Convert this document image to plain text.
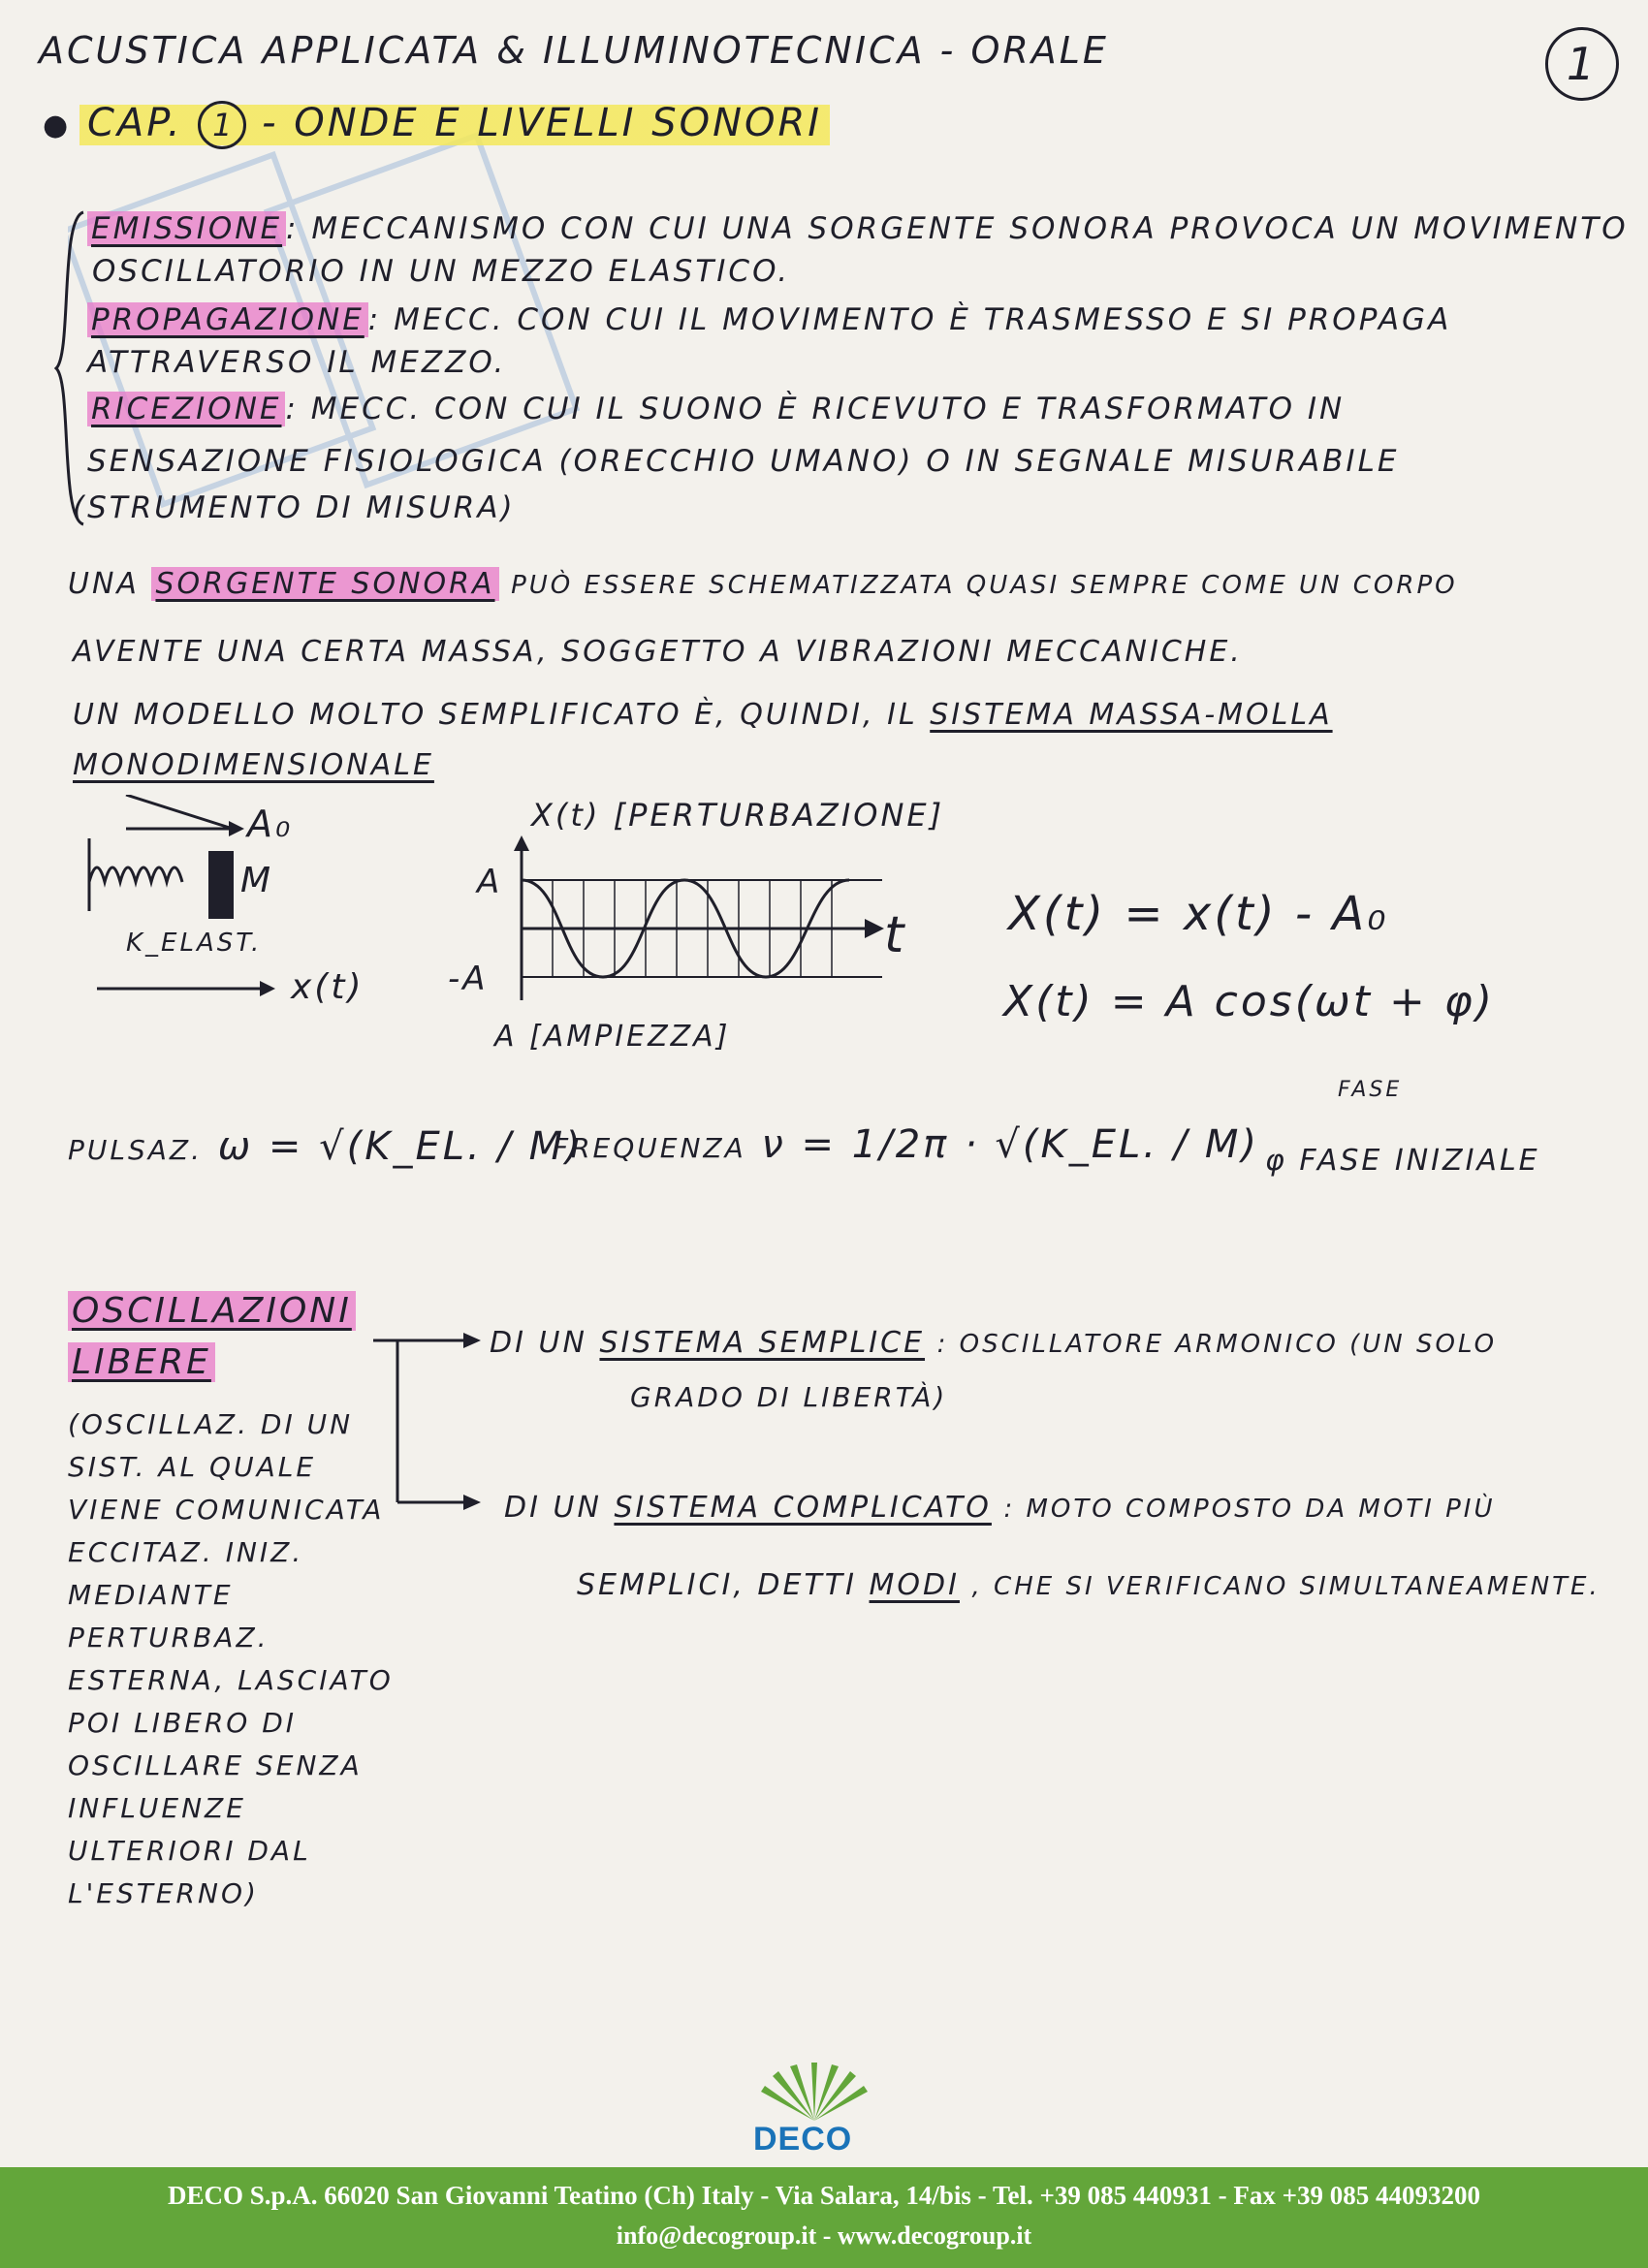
ACUSTICA APPLICATA & ILLUMINOTECNICA - ORALE	1
● CAP. 1 - ONDE E LIVELLI SONORI
EMISSIONE : MECCANISMO CON CUI UNA SORGENTE SONORA PROVOCA UN MOVIMENTO
OSCILLATORIO IN UN MEZZO ELASTICO.
PROPAGAZIONE : MECC. CON CUI IL MOVIMENTO È TRASMESSO E SI PROPAGA
ATTRAVERSO IL MEZZO.
RICEZIONE : MECC. CON CUI IL SUONO È RICEVUTO E TRASFORMATO IN
SENSAZIONE FISIOLOGICA (ORECCHIO UMANO) O IN SEGNALE MISURABILE
(STRUMENTO DI MISURA)
UNA SORGENTE SONORA PUÒ ESSERE SCHEMATIZZATA QUASI SEMPRE COME UN CORPO
AVENTE UNA CERTA MASSA, SOGGETTO A VIBRAZIONI MECCANICHE.
UN MODELLO MOLTO SEMPLIFICATO È, QUINDI, IL SISTEMA MASSA-MOLLA
MONODIMENSIONALE
A₀
M
K_ELAST.
x(t)
X(t) [PERTURBAZIONE]
A
-A
t
A [AMPIEZZA]
X(t) = x(t) - A₀
X(t) = A cos(ωt + φ)
FASE
PULSAZ. ω = √(K_EL. / M)
FREQUENZA ν = 1/2π · √(K_EL. / M) φ FASE INIZIALE
OSCILLAZIONI
LIBERE
(OSCILLAZ. DI UN
SIST. AL QUALE
VIENE COMUNICATA
ECCITAZ. INIZ.
MEDIANTE
PERTURBAZ.
ESTERNA, LASCIATO
POI LIBERO DI
OSCILLARE SENZA
INFLUENZE
ULTERIORI DAL
L'ESTERNO)
DI UN SISTEMA SEMPLICE : OSCILLATORE ARMONICO (UN SOLO
GRADO DI LIBERTÀ)
DI UN SISTEMA COMPLICATO : MOTO COMPOSTO DA MOTI PIÙ
SEMPLICI, DETTI MODI , CHE SI VERIFICANO SIMULTANEAMENTE.
DECO
DECO S.p.A. 66020 San Giovanni Teatino (Ch) Italy - Via Salara, 14/bis - Tel. +39 085 440931 - Fax +39 085 44093200
info@decogroup.it - www.decogroup.it
